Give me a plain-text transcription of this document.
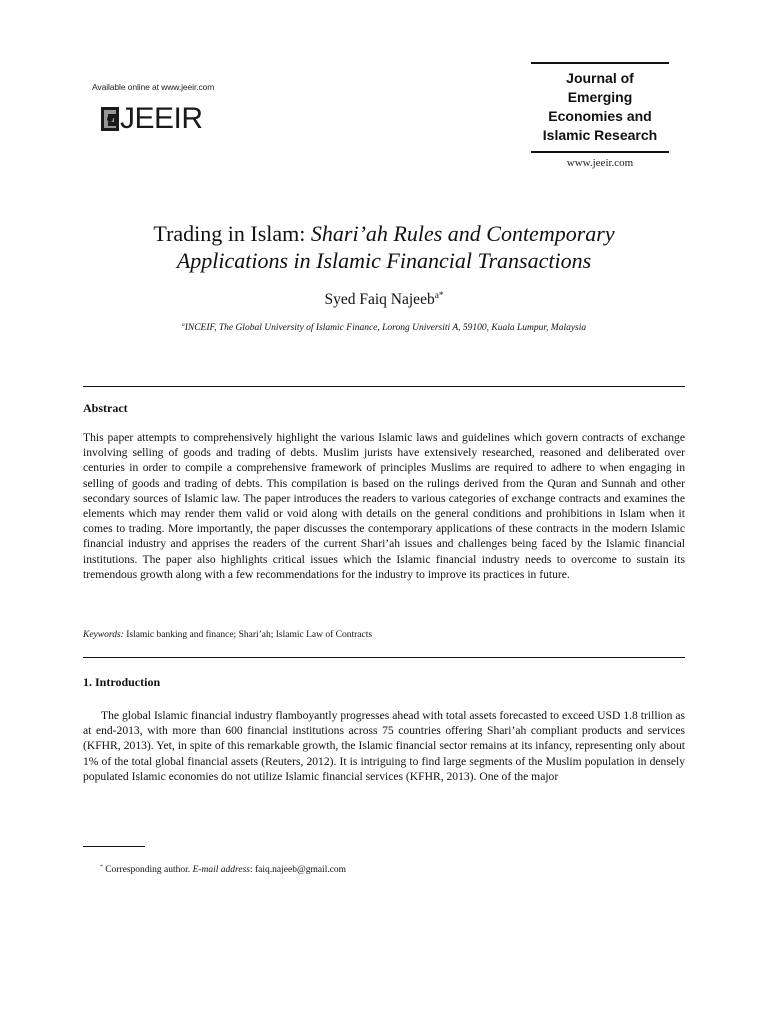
Available online at www.jeeir.com
JEEIR
Journal of
Emerging
Economies and
Islamic Research
www.jeeir.com
Trading in Islam: Shari’ah Rules and Contemporary
Applications in Islamic Financial Transactions
Syed Faiq Najeeb$^{a*}$
$^a$INCEIF, The Global University of Islamic Finance, Lorong Universiti A, 59100, Kuala Lumpur, Malaysia
Abstract

This paper attempts to comprehensively highlight the various Islamic laws and guidelines which govern contracts of exchange involving selling of goods and trading of debts. Muslim jurists have extensively researched, reasoned and deliberated over centuries in order to compile a comprehensive framework of principles Muslims are required to adhere to when engaging in selling of goods and trading of debts. This compilation is based on the rulings derived from the Quran and Sunnah and other secondary sources of Islamic law. The paper introduces the readers to various categories of exchange contracts and examines the elements which may render them valid or void along with details on the general conditions and prohibitions in Islam when it comes to trading. More importantly, the paper discusses the contemporary applications of these contracts in the modern Islamic financial industry and apprises the readers of the current Shari’ah issues and challenges being faced by the Islamic financial institutions. The paper also highlights critical issues which the Islamic financial industry needs to overcome to sustain its tremendous growth along with a few recommendations for the industry to improve its practices in future.

Keywords: Islamic banking and finance; Shari’ah; Islamic Law of Contracts
1. Introduction

The global Islamic financial industry flamboyantly progresses ahead with total assets forecasted to exceed USD 1.8 trillion as at end-2013, with more than 600 financial institutions across 75 countries offering Shari’ah compliant products and services (KFHR, 2013). Yet, in spite of this remarkable growth, the Islamic financial sector remains at its infancy, representing only about 1% of the total global financial assets (Reuters, 2012). It is intriguing to find large segments of the Muslim population in densely populated Islamic economies do not utilize Islamic financial services (KFHR, 2013). One of the major

* Corresponding author. E-mail address: faiq.najeeb@gmail.com
